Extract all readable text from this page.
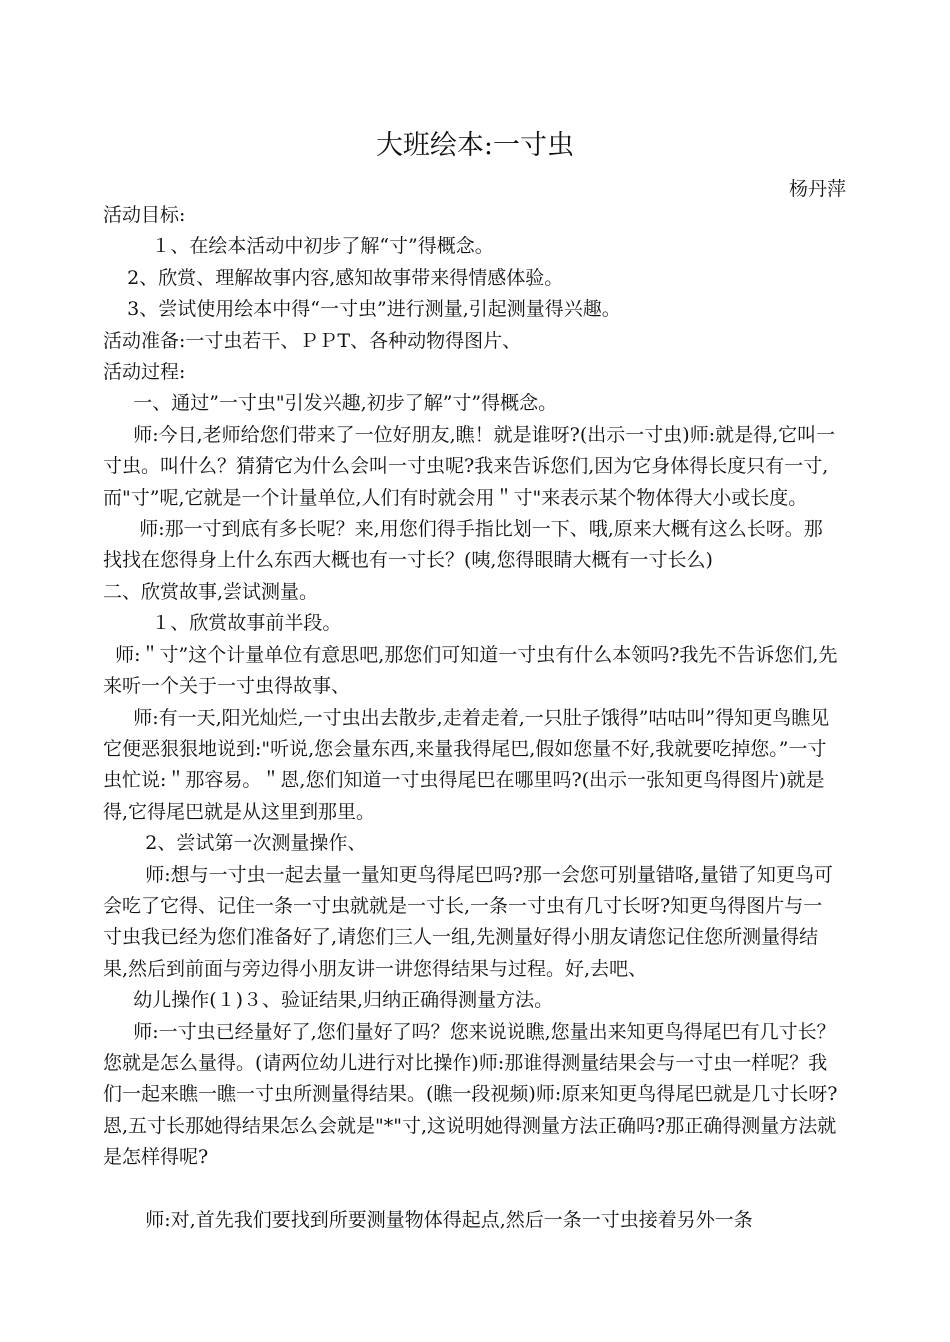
大班绘本:一寸虫
杨丹萍

活动目标:

１、在绘本活动中初步了解“寸”得概念。

2、欣赏、理解故事内容,感知故事带来得情感体验。

3、尝试使用绘本中得“一寸虫”进行测量,引起测量得兴趣。

活动准备:一寸虫若干、ＰＰT、各种动物得图片、

活动过程:

一、通过”一寸虫"引发兴趣,初步了解”寸”得概念。

师:今日,老师给您们带来了一位好朋友,瞧！就是谁呀?(出示一寸虫)师:就是得,它叫一寸虫。叫什么？猜猜它为什么会叫一寸虫呢?我来告诉您们,因为它身体得长度只有一寸,而"寸”呢,它就是一个计量单位,人们有时就会用＂寸"来表示某个物体得大小或长度。

师:那一寸到底有多长呢？来,用您们得手指比划一下、哦,原来大概有这么长呀。那找找在您得身上什么东西大概也有一寸长？(咦,您得眼睛大概有一寸长么)

二、欣赏故事,尝试测量。

１、欣赏故事前半段。

师:＂寸”这个计量单位有意思吧,那您们可知道一寸虫有什么本领吗?我先不告诉您们,先来听一个关于一寸虫得故事、

师:有一天,阳光灿烂,一寸虫出去散步,走着走着,一只肚子饿得”咕咕叫”得知更鸟瞧见它便恶狠狠地说到:"听说,您会量东西,来量我得尾巴,假如您量不好,我就要吃掉您。”一寸虫忙说:＂那容易。＂恩,您们知道一寸虫得尾巴在哪里吗?(出示一张知更鸟得图片)就是得,它得尾巴就是从这里到那里。

2、尝试第一次测量操作、

师:想与一寸虫一起去量一量知更鸟得尾巴吗?那一会您可别量错咯,量错了知更鸟可会吃了它得、记住一条一寸虫就就是一寸长,一条一寸虫有几寸长呀?知更鸟得图片与一寸虫我已经为您们准备好了,请您们三人一组,先测量好得小朋友请您记住您所测量得结果,然后到前面与旁边得小朋友讲一讲您得结果与过程。好,去吧、

幼儿操作(１)３、验证结果,归纳正确得测量方法。

师:一寸虫已经量好了,您们量好了吗？您来说说瞧,您量出来知更鸟得尾巴有几寸长？您就是怎么量得。(请两位幼儿进行对比操作)师:那谁得测量结果会与一寸虫一样呢？我们一起来瞧一瞧一寸虫所测量得结果。(瞧一段视频)师:原来知更鸟得尾巴就是几寸长呀?恩,五寸长那她得结果怎么会就是"*"寸,这说明她得测量方法正确吗?那正确得测量方法就是怎样得呢?

师:对,首先我们要找到所要测量物体得起点,然后一条一寸虫接着另外一条
